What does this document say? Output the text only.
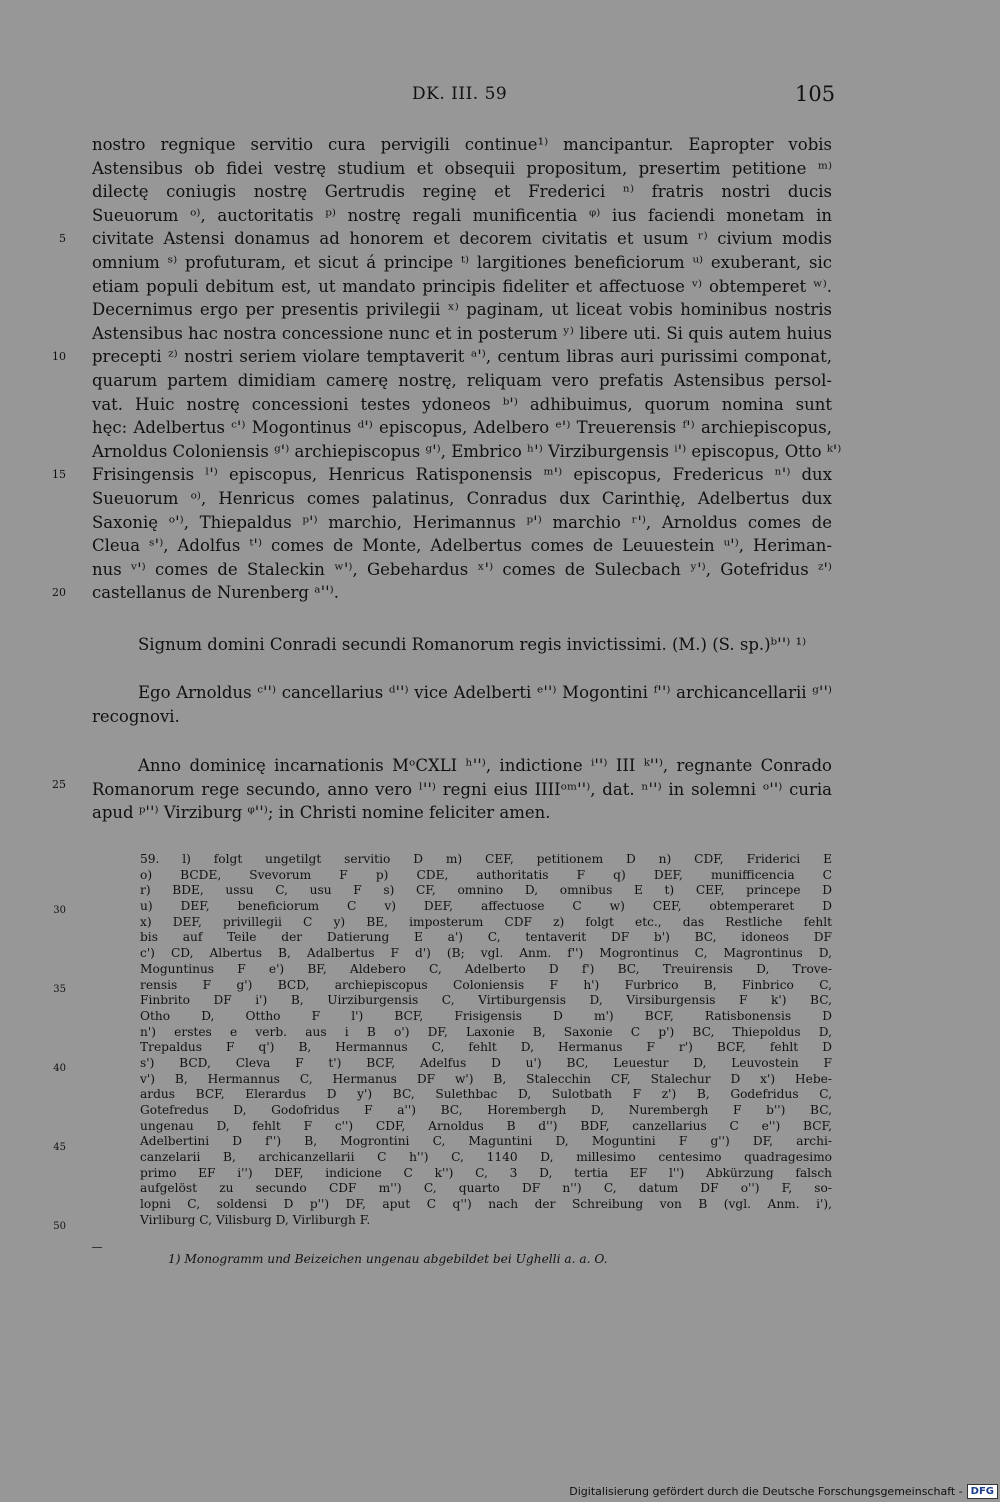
DK. III. 59	105
nostro regnique servitio cura pervigili continue¹⁾ mancipantur. Eapropter vobis
Astensibus ob fidei vestrę studium et obsequii propositum, presertim petitione ᵐ⁾
dilectę coniugis nostrę Gertrudis reginę et Frederici ⁿ⁾ fratris nostri ducis
Sueuorum ᵒ⁾, auctoritatis ᵖ⁾ nostrę regali munificentia ᵠ⁾ ius faciendi monetam in
civitate Astensi donamus ad honorem et decorem civitatis et usum ʳ⁾ civium modis
omnium ˢ⁾ profuturam, et sicut á principe ᵗ⁾ largitiones beneficiorum ᵘ⁾ exuberant, sic
etiam populi debitum est, ut mandato principis fideliter et affectuose ᵛ⁾ obtemperet ʷ⁾.
Decernimus ergo per presentis privilegii ˣ⁾ paginam, ut liceat vobis hominibus nostris
Astensibus hac nostra concessione nunc et in posterum ʸ⁾ libere uti. Si quis autem huius
precepti ᶻ⁾ nostri seriem violare temptaverit ᵃ'⁾, centum libras auri purissimi componat,
quarum partem dimidiam camerę nostrę, reliquam vero prefatis Astensibus persol-
vat. Huic nostrę concessioni testes ydoneos ᵇ'⁾ adhibuimus, quorum nomina sunt
hęc: Adelbertus ᶜ'⁾ Mogontinus ᵈ'⁾ episcopus, Adelbero ᵉ'⁾ Treuerensis ᶠ'⁾ archiepiscopus,
Arnoldus Coloniensis ᵍ'⁾ archiepiscopus ᵍ'⁾, Embrico ʰ'⁾ Virziburgensis ⁱ'⁾ episcopus, Otto ᵏ'⁾
Frisingensis ˡ'⁾ episcopus, Henricus Ratisponensis ᵐ'⁾ episcopus, Fredericus ⁿ'⁾ dux
Sueuorum ᵒ⁾, Henricus comes palatinus, Conradus dux Carinthię, Adelbertus dux
Saxonię ᵒ'⁾, Thiepaldus ᵖ'⁾ marchio, Herimannus ᵖ'⁾ marchio ʳ'⁾, Arnoldus comes de
Cleua ˢ'⁾, Adolfus ᵗ'⁾ comes de Monte, Adelbertus comes de Leuuestein ᵘ'⁾, Heriman-
nus ᵛ'⁾ comes de Staleckin ʷ'⁾, Gebehardus ˣ'⁾ comes de Sulecbach ʸ'⁾, Gotefridus ᶻ'⁾
castellanus de Nurenberg ᵃ''⁾.
5
10
15
20
25
Signum domini Conradi secundi Romanorum regis invictissimi. (M.) (S. sp.)ᵇ''⁾ ¹⁾
Ego Arnoldus ᶜ''⁾ cancellarius ᵈ''⁾ vice Adelberti ᵉ''⁾ Mogontini ᶠ''⁾ archicancellarii ᵍ''⁾
recognovi.
Anno dominicę incarnationis MᵒCXLI ʰ''⁾, indictione ⁱ''⁾ III ᵏ''⁾, regnante Conrado
Romanorum rege secundo, anno vero ˡ''⁾ regni eius IIIIᵒᵐ''⁾, dat. ⁿ''⁾ in solemni ᵒ''⁾ curia
apud ᵖ''⁾ Virziburg ᵠ''⁾; in Christi nomine feliciter amen.
59. l) folgt ungetilgt servitio D m) CEF, petitionem D n) CDF, Friderici E
o) BCDE, Svevorum F p) CDE, authoritatis F q) DEF, munifficencia C
r) BDE, ussu C, usu F s) CF, omnino D, omnibus E t) CEF, princepe D
u) DEF, beneficiorum C v) DEF, affectuose C w) CEF, obtemperaret D
x) DEF, privillegii C y) BE, imposterum CDF z) folgt etc., das Restliche fehlt
bis auf Teile der Datierung E a') C, tentaverit DF b') BC, idoneos DF
c') CD, Albertus B, Adalbertus F d') (B; vgl. Anm. f'') Mogrontinus C, Magrontinus D,
Moguntinus F e') BF, Aldebero C, Adelberto D f') BC, Treuirensis D, Trove-
rensis F g') BCD, archiepiscopus Coloniensis F h') Furbrico B, Finbrico C,
Finbrito DF i') B, Uirziburgensis C, Virtiburgensis D, Virsiburgensis F k') BC,
Otho D, Ottho F l') BCF, Frisigensis D m') BCF, Ratisbonensis D
n') erstes e verb. aus i B o') DF, Laxonie B, Saxonie C p') BC, Thiepoldus D,
Trepaldus F q') B, Hermannus C, fehlt D, Hermanus F r') BCF, fehlt D
s') BCD, Cleva F t') BCF, Adelfus D u') BC, Leuestur D, Leuvostein F
v') B, Hermannus C, Hermanus DF w') B, Stalecchin CF, Stalechur D x') Hebe-
ardus BCF, Elerardus D y') BC, Sulethbac D, Sulotbath F z') B, Godefridus C,
Gotefredus D, Godofridus F a'') BC, Horembergh D, Nurembergh F b'') BC,
ungenau D, fehlt F c'') CDF, Arnoldus B d'') BDF, canzellarius C e'') BCF,
Adelbertini D f'') B, Mogrontini C, Maguntini D, Moguntini F g'') DF, archi-
canzelarii B, archicanzellarii C h'') C, 1140 D, millesimo centesimo quadragesimo
primo EF i'') DEF, indicione C k'') C, 3 D, tertia EF l'') Abkürzung falsch
aufgelöst zu secundo CDF m'') C, quarto DF n'') C, datum DF o'') F, so-
lopni C, soldensi D p'') DF, aput C q'') nach der Schreibung von B (vgl. Anm. i'),
Virliburg C, Vilisburg D, Virliburgh F.
30
35
40
45
50
1) Monogramm und Beizeichen ungenau abgebildet bei Ughelli a. a. O.
Digitalisierung gefördert durch die Deutsche Forschungsgemeinschaft - DFG
